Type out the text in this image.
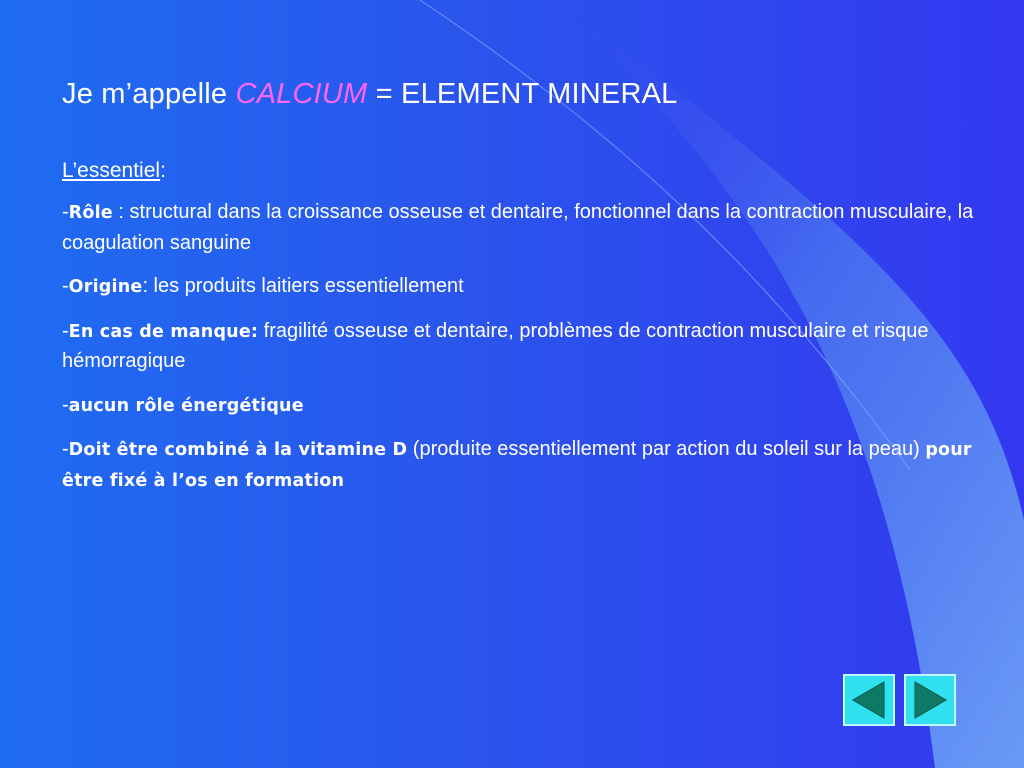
Je m’appelle CALCIUM = ELEMENT MINERAL
L’essentiel:
-Rôle : structural dans la croissance osseuse et dentaire, fonctionnel dans la contraction musculaire, la coagulation sanguine
-Origine: les produits laitiers essentiellement
-En cas de manque: fragilité osseuse et dentaire, problèmes de contraction musculaire et risque hémorragique
-aucun rôle énergétique
-Doit être combiné à la vitamine D (produite essentiellement par action du soleil sur la peau) pour être fixé à l’os en formation
